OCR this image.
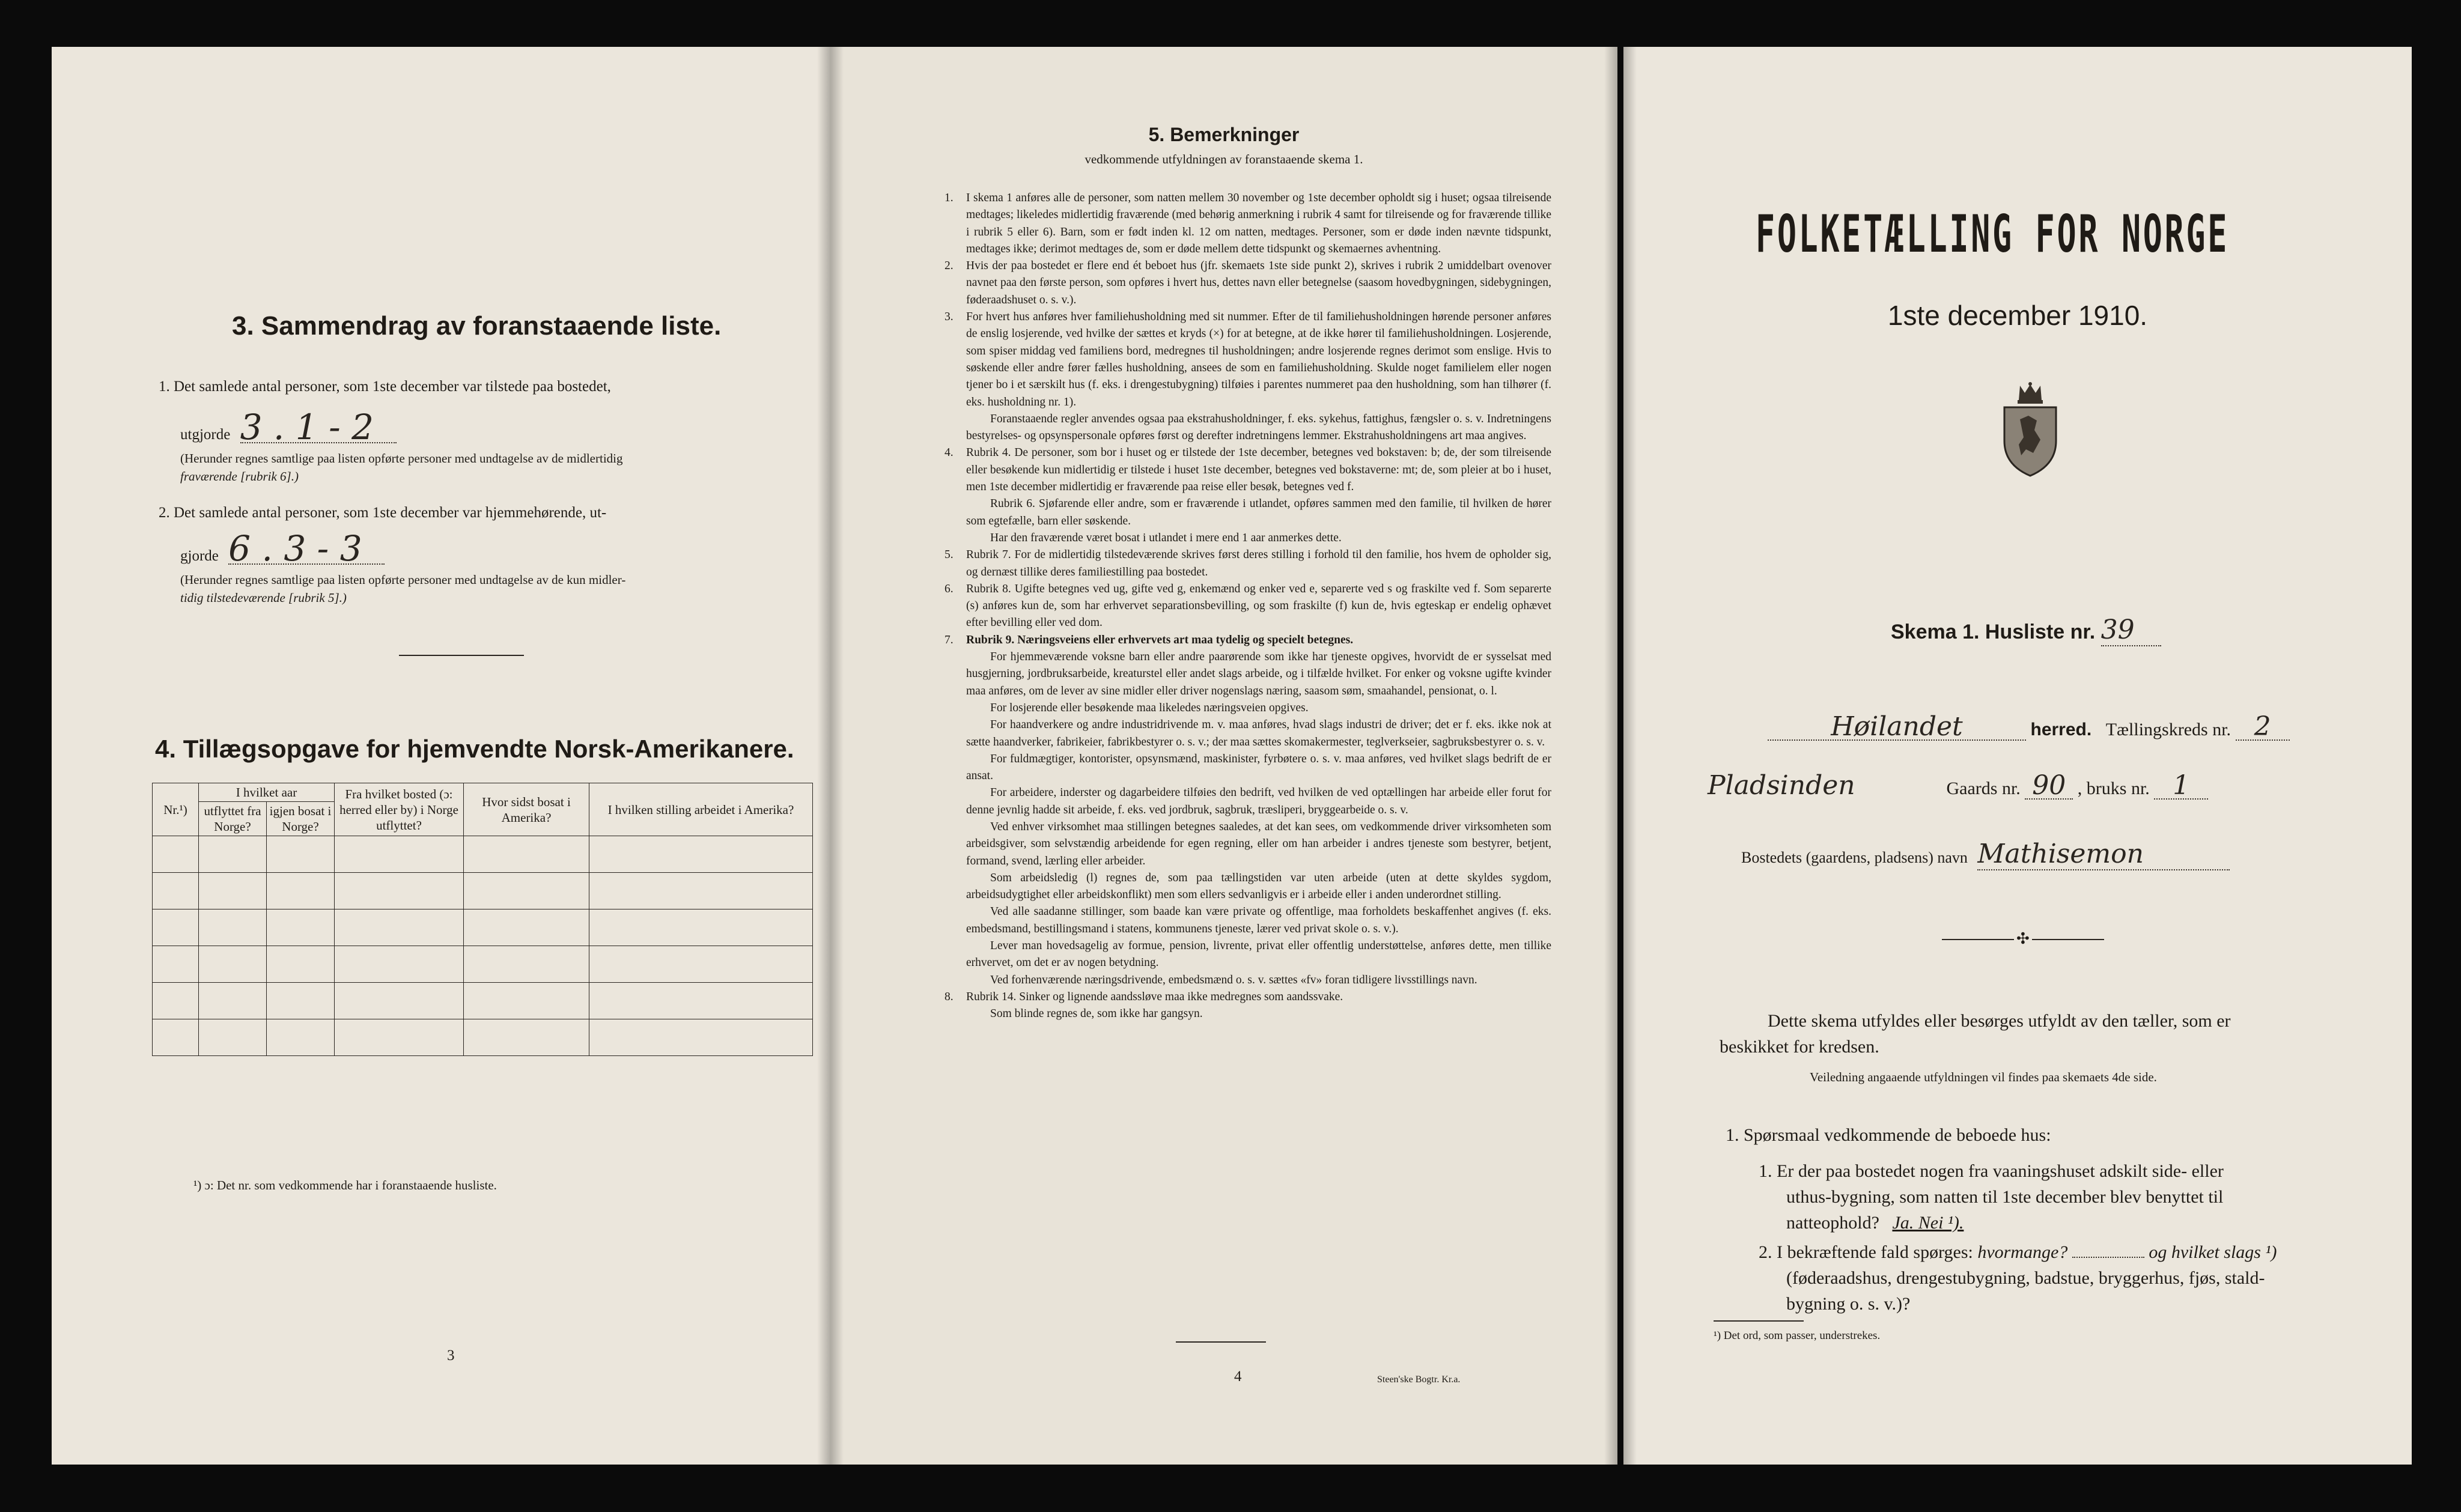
3. Sammendrag av foranstaaende liste.
1. Det samlede antal personer, som 1ste december var tilstede paa bostedet,
utgjorde 3 . 1 - 2
(Herunder regnes samtlige paa listen opførte personer med undtagelse av de midlertidig
fraværende [rubrik 6].)
2. Det samlede antal personer, som 1ste december var hjemmehørende, ut-
gjorde 6 . 3 - 3
(Herunder regnes samtlige paa listen opførte personer med undtagelse av de kun midler-
tidig tilstedeværende [rubrik 5].)
4. Tillægsopgave for hjemvendte Norsk-Amerikanere.
Nr.¹)	I hvilket aar		Fra hvilket bosted (ɔ: herred eller by) i Norge utflyttet?	Hvor sidst bosat i Amerika?	I hvilken stilling arbeidet i Amerika?
	utflyttet fra Norge?	igjen bosat i Norge?			

¹) ɔ: Det nr. som vedkommende har i foranstaaende husliste.
3
5. Bemerkninger
vedkommende utfyldningen av foranstaaende skema 1.
1.	I skema 1 anføres alle de personer, som natten mellem 30 november og 1ste december opholdt sig i huset; ogsaa tilreisende medtages; likeledes midlertidig fraværende (med behørig anmerkning i rubrik 4 samt for tilreisende og for fraværende tillike i rubrik 5 eller 6). Barn, som er født inden kl. 12 om natten, medtages. Personer, som er døde inden nævnte tidspunkt, medtages ikke; derimot medtages de, som er døde mellem dette tidspunkt og skemaernes avhentning.

2.	Hvis der paa bostedet er flere end ét beboet hus (jfr. skemaets 1ste side punkt 2), skrives i rubrik 2 umiddelbart ovenover navnet paa den første person, som opføres i hvert hus, dettes navn eller betegnelse (saasom hovedbygningen, sidebygningen, føderaadshuset o. s. v.).

3.	For hvert hus anføres hver familiehusholdning med sit nummer. Efter de til familiehusholdningen hørende personer anføres de enslig losjerende, ved hvilke der sættes et kryds (×) for at betegne, at de ikke hører til familiehusholdningen. Losjerende, som spiser middag ved familiens bord, medregnes til husholdningen; andre losjerende regnes derimot som enslige. Hvis to søskende eller andre fører fælles husholdning, ansees de som en familiehusholdning. Skulde noget familielem eller nogen tjener bo i et særskilt hus (f. eks. i drengestubygning) tilføies i parentes nummeret paa den husholdning, som han tilhører (f. eks. husholdning nr. 1).

Foranstaaende regler anvendes ogsaa paa ekstrahusholdninger, f. eks. sykehus, fattighus, fængsler o. s. v. Indretningens bestyrelses- og opsynspersonale opføres først og derefter indretningens lemmer. Ekstrahusholdningens art maa angives.

4.	Rubrik 4. De personer, som bor i huset og er tilstede der 1ste december, betegnes ved bokstaven: b; de, der som tilreisende eller besøkende kun midlertidig er tilstede i huset 1ste december, betegnes ved bokstaverne: mt; de, som pleier at bo i huset, men 1ste december midlertidig er fraværende paa reise eller besøk, betegnes ved f.

Rubrik 6. Sjøfarende eller andre, som er fraværende i utlandet, opføres sammen med den familie, til hvilken de hører som egtefælle, barn eller søskende.

Har den fraværende været bosat i utlandet i mere end 1 aar anmerkes dette.

5.	Rubrik 7. For de midlertidig tilstedeværende skrives først deres stilling i forhold til den familie, hos hvem de opholder sig, og dernæst tillike deres familiestilling paa bostedet.

6.	Rubrik 8. Ugifte betegnes ved ug, gifte ved g, enkemænd og enker ved e, separerte ved s og fraskilte ved f. Som separerte (s) anføres kun de, som har erhvervet separationsbevilling, og som fraskilte (f) kun de, hvis egteskap er endelig ophævet efter bevilling eller ved dom.

7.	Rubrik 9. Næringsveiens eller erhvervets art maa tydelig og specielt betegnes.

For hjemmeværende voksne barn eller andre paarørende som ikke har tjeneste opgives, hvorvidt de er sysselsat med husgjerning, jordbruksarbeide, kreaturstel eller andet slags arbeide, og i tilfælde hvilket. For enker og voksne ugifte kvinder maa anføres, om de lever av sine midler eller driver nogenslags næring, saasom søm, smaahandel, pensionat, o. l.

For losjerende eller besøkende maa likeledes næringsveien opgives.

For haandverkere og andre industridrivende m. v. maa anføres, hvad slags industri de driver; det er f. eks. ikke nok at sætte haandverker, fabrikeier, fabrikbestyrer o. s. v.; der maa sættes skomakermester, teglverkseier, sagbruksbestyrer o. s. v.

For fuldmægtiger, kontorister, opsynsmænd, maskinister, fyrbøtere o. s. v. maa anføres, ved hvilket slags bedrift de er ansat.

For arbeidere, inderster og dagarbeidere tilføies den bedrift, ved hvilken de ved optællingen har arbeide eller forut for denne jevnlig hadde sit arbeide, f. eks. ved jordbruk, sagbruk, træsliperi, bryggearbeide o. s. v.

Ved enhver virksomhet maa stillingen betegnes saaledes, at det kan sees, om vedkommende driver virksomheten som arbeidsgiver, som selvstændig arbeidende for egen regning, eller om han arbeider i andres tjeneste som bestyrer, betjent, formand, svend, lærling eller arbeider.

Som arbeidsledig (l) regnes de, som paa tællingstiden var uten arbeide (uten at dette skyldes sygdom, arbeidsudygtighet eller arbeidskonflikt) men som ellers sedvanligvis er i arbeide eller i anden underordnet stilling.

Ved alle saadanne stillinger, som baade kan være private og offentlige, maa forholdets beskaffenhet angives (f. eks. embedsmand, bestillingsmand i statens, kommunens tjeneste, lærer ved privat skole o. s. v.).

Lever man hovedsagelig av formue, pension, livrente, privat eller offentlig understøttelse, anføres dette, men tillike erhvervet, om det er av nogen betydning.

Ved forhenværende næringsdrivende, embedsmænd o. s. v. sættes «fv» foran tidligere livsstillings navn.

8.	Rubrik 14. Sinker og lignende aandssløve maa ikke medregnes som aandssvake.

Som blinde regnes de, som ikke har gangsyn.

4	Steen'ske Bogtr. Kr.a.
FOLKETÆLLING FOR NORGE
1ste december 1910.
Skema 1. Husliste nr. 39
Høilandet	herred. Tællingskreds nr. 2
Pladsinden	Gaards nr. 90 , bruks nr. 1
Bostedets (gaardens, pladsens) navn Mathisemon
✣
Dette skema utfyldes eller besørges utfyldt av den tæller, som er
beskikket for kredsen.
Veiledning angaaende utfyldningen vil findes paa skemaets 4de side.
1. Spørsmaal vedkommende de beboede hus:
1. Er der paa bostedet nogen fra vaaningshuset adskilt side- eller
uthus-bygning, som natten til 1ste december blev benyttet til
natteophold? Ja. Nei ¹).
2. I bekræftende fald spørges: hvormange?	og hvilket slags ¹)
(føderaadshus, drengestubygning, badstue, bryggerhus, fjøs, stald-
bygning o. s. v.)?
¹) Det ord, som passer, understrekes.
